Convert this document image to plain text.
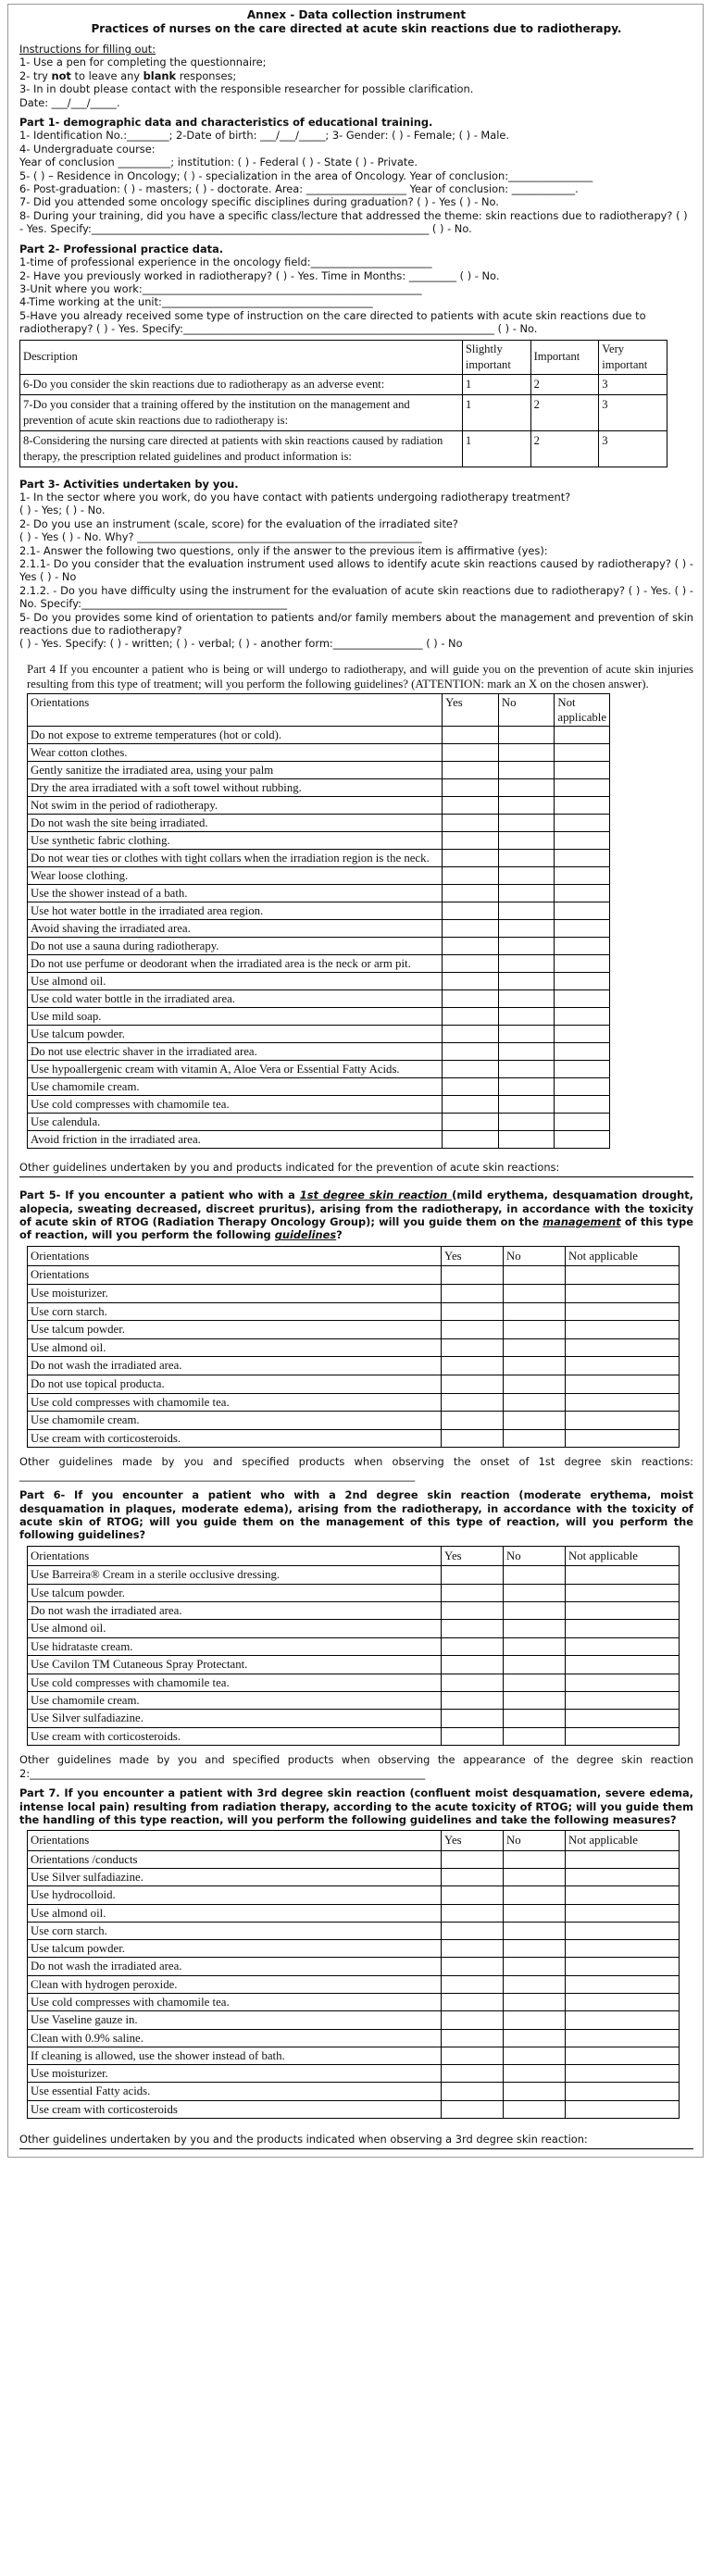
Annex - Data collection instrument
Practices of nurses on the care directed at acute skin reactions due to radiotherapy.
Instructions for filling out:
1- Use a pen for completing the questionnaire;
2- try not to leave any blank responses;
3- In in doubt please contact with the responsible researcher for possible clarification.
Date: ___/___/_____.
Part 1- demographic data and characteristics of educational training.
1- Identification No.:________; 2-Date of birth: ___/___/_____; 3- Gender: ( ) - Female; ( ) - Male.
4- Undergraduate course:
Year of conclusion __________; institution: ( ) - Federal ( ) - State ( ) - Private.
5- ( ) – Residence in Oncology; ( ) - specialization in the area of Oncology. Year of conclusion:________________
6- Post-graduation: ( ) - masters; ( ) - doctorate. Area: ___________________ Year of conclusion: ____________.
7- Did you attended some oncology specific disciplines during graduation? ( ) - Yes ( ) - No.
8- During your training, did you have a specific class/lecture that addressed the theme: skin reactions due to radiotherapy? ( ) - Yes. Specify:________________________________________________________________ ( ) - No.
Part 2- Professional practice data.
1-time of professional experience in the oncology field:_______________________
2- Have you previously worked in radiotherapy? ( ) - Yes. Time in Months: _________ ( ) - No.
3-Unit where you work:_____________________________________________________
4-Time working at the unit:________________________________________
5-Have you already received some type of instruction on the care directed to patients with acute skin reactions due to radiotherapy? ( ) - Yes. Specify:___________________________________________________________ ( ) - No.
Description	Slightly important	Important	Very important
6-Do you consider the skin reactions due to radiotherapy as an adverse event:	1	2	3
7-Do you consider that a training offered by the institution on the management and prevention of acute skin reactions due to radiotherapy is:	1	2	3
8-Considering the nursing care directed at patients with skin reactions caused by radiation therapy, the prescription related guidelines and product information is:	1	2	3
Part 3- Activities undertaken by you.
1- In the sector where you work, do you have contact with patients undergoing radiotherapy treatment?
( ) - Yes; ( ) - No.
2- Do you use an instrument (scale, score) for the evaluation of the irradiated site?
( ) - Yes ( ) - No. Why? ______________________________________________________
2.1- Answer the following two questions, only if the answer to the previous item is affirmative (yes):
2.1.1- Do you consider that the evaluation instrument used allows to identify acute skin reactions caused by radiotherapy? ( ) - Yes ( ) - No
2.1.2. - Do you have difficulty using the instrument for the evaluation of acute skin reactions due to radiotherapy? ( ) - Yes. ( ) - No. Specify:_______________________________________
5- Do you provides some kind of orientation to patients and/or family members about the management and prevention of skin reactions due to radiotherapy?
( ) - Yes. Specify: ( ) - written; ( ) - verbal; ( ) - another form:_________________ ( ) - No
Part 4 If you encounter a patient who is being or will undergo to radiotherapy, and will guide you on the prevention of acute skin injuries resulting from this type of treatment; will you perform the following guidelines? (ATTENTION: mark an X on the chosen answer).
Orientations	Yes	No	Not applicable
Do not expose to extreme temperatures (hot or cold).			
Wear cotton clothes.			
Gently sanitize the irradiated area, using your palm			
Dry the area irradiated with a soft towel without rubbing.			
Not swim in the period of radiotherapy.			
Do not wash the site being irradiated.			
Use synthetic fabric clothing.			
Do not wear ties or clothes with tight collars when the irradiation region is the neck.			
Wear loose clothing.			
Use the shower instead of a bath.			
Use hot water bottle in the irradiated area region.			
Avoid shaving the irradiated area.			
Do not use a sauna during radiotherapy.			
Do not use perfume or deodorant when the irradiated area is the neck or arm pit.			
Use almond oil.			
Use cold water bottle in the irradiated area.			
Use mild soap.			
Use talcum powder.			
Do not use electric shaver in the irradiated area.			
Use hypoallergenic cream with vitamin A, Aloe Vera or Essential Fatty Acids.			
Use chamomile cream.			
Use cold compresses with chamomile tea.			
Use calendula.			
Avoid friction in the irradiated area.			
Other guidelines undertaken by you and products indicated for the prevention of acute skin reactions:
Part 5- If you encounter a patient who with a 1st degree skin reaction (mild erythema, desquamation drought, alopecia, sweating decreased, discreet pruritus), arising from the radiotherapy, in accordance with the toxicity of acute skin of RTOG (Radiation Therapy Oncology Group); will you guide them on the management of this type of reaction, will you perform the following guidelines?
Orientations	Yes	No	Not applicable
Orientations			
Use moisturizer.			
Use corn starch.			
Use talcum powder.			
Use almond oil.			
Do not wash the irradiated area.			
Do not use topical producta.			
Use cold compresses with chamomile tea.			
Use chamomile cream.			
Use cream with corticosteroids.			
Other guidelines made by you and specified products when observing the onset of 1st degree skin reactions: ___________________________________________________________________________
Part 6- If you encounter a patient who with a 2nd degree skin reaction (moderate erythema, moist desquamation in plaques, moderate edema), arising from the radiotherapy, in accordance with the toxicity of acute skin of RTOG; will you guide them on the management of this type of reaction, will you perform the following guidelines?
Orientations	Yes	No	Not applicable
Use Barreira® Cream in a sterile occlusive dressing.			
Use talcum powder.			
Do not wash the irradiated area.			
Use almond oil.			
Use hidrataste cream.			
Use Cavilon TM Cutaneous Spray Protectant.			
Use cold compresses with chamomile tea.			
Use chamomile cream.			
Use Silver sulfadiazine.			
Use cream with corticosteroids.			
Other guidelines made by you and specified products when observing the appearance of the degree skin reaction 2:___________________________________________________________________________
Part 7. If you encounter a patient with 3rd degree skin reaction (confluent moist desquamation, severe edema, intense local pain) resulting from radiation therapy, according to the acute toxicity of RTOG; will you guide them the handling of this type reaction, will you perform the following guidelines and take the following measures?
Orientations	Yes	No	Not applicable
Orientations /conducts			
Use Silver sulfadiazine.			
Use hydrocolloid.			
Use almond oil.			
Use corn starch.			
Use talcum powder.			
Do not wash the irradiated area.			
Clean with hydrogen peroxide.			
Use cold compresses with chamomile tea.			
Use Vaseline gauze in.			
Clean with 0.9% saline.			
If cleaning is allowed, use the shower instead of bath.			
Use moisturizer.			
Use essential Fatty acids.			
Use cream with corticosteroids			
Other guidelines undertaken by you and the products indicated when observing a 3rd degree skin reaction:
